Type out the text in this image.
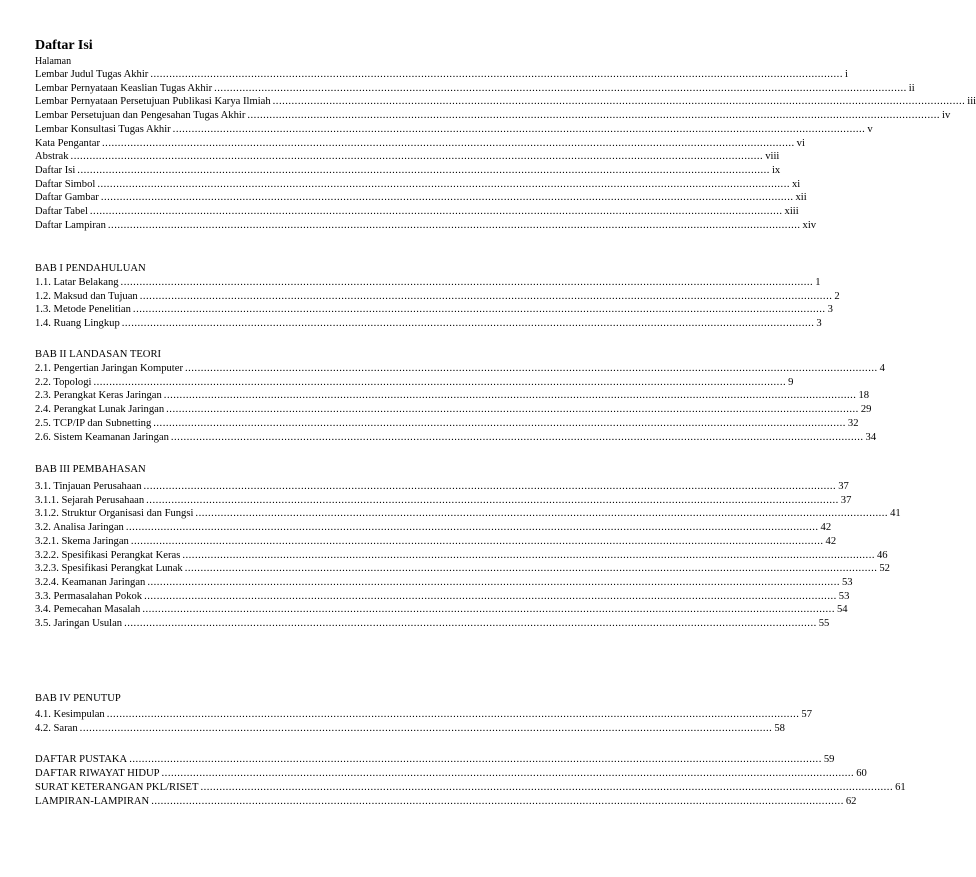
Daftar Isi
Halaman
Lembar Judul Tugas Akhir ............................................................................................................................................................................................................................ i
Lembar Pernyataan Keaslian Tugas Akhir ............................................................................................................................................................................................................................ ii
Lembar Pernyataan Persetujuan Publikasi Karya Ilmiah ............................................................................................................................................................................................................................ iii
Lembar Persetujuan dan Pengesahan Tugas Akhir ............................................................................................................................................................................................................................ iv
Lembar Konsultasi Tugas Akhir ............................................................................................................................................................................................................................ v
Kata Pengantar ............................................................................................................................................................................................................................ vi
Abstrak ............................................................................................................................................................................................................................ viii
Daftar Isi ............................................................................................................................................................................................................................ ix
Daftar Simbol ............................................................................................................................................................................................................................ xi
Daftar Gambar ............................................................................................................................................................................................................................ xii
Daftar Tabel ............................................................................................................................................................................................................................ xiii
Daftar Lampiran ............................................................................................................................................................................................................................ xiv
BAB I PENDAHULUAN
1.1. Latar Belakang ............................................................................................................................................................................................................................ 1
1.2. Maksud dan Tujuan ............................................................................................................................................................................................................................ 2
1.3. Metode Penelitian ............................................................................................................................................................................................................................ 3
1.4. Ruang Lingkup ............................................................................................................................................................................................................................ 3
BAB II LANDASAN TEORI
2.1. Pengertian Jaringan Komputer ............................................................................................................................................................................................................................ 4
2.2. Topologi ............................................................................................................................................................................................................................ 9
2.3. Perangkat Keras Jaringan ............................................................................................................................................................................................................................ 18
2.4. Perangkat Lunak Jaringan ............................................................................................................................................................................................................................ 29
2.5. TCP/IP dan Subnetting ............................................................................................................................................................................................................................ 32
2.6. Sistem Keamanan Jaringan ............................................................................................................................................................................................................................ 34
BAB III PEMBAHASAN
3.1. Tinjauan Perusahaan ............................................................................................................................................................................................................................ 37
3.1.1. Sejarah Perusahaan ............................................................................................................................................................................................................................ 37
3.1.2. Struktur Organisasi dan Fungsi ............................................................................................................................................................................................................................ 41
3.2. Analisa Jaringan ............................................................................................................................................................................................................................ 42
3.2.1. Skema Jaringan ............................................................................................................................................................................................................................ 42
3.2.2. Spesifikasi Perangkat Keras ............................................................................................................................................................................................................................ 46
3.2.3. Spesifikasi Perangkat Lunak ............................................................................................................................................................................................................................ 52
3.2.4. Keamanan Jaringan ............................................................................................................................................................................................................................ 53
3.3. Permasalahan Pokok ............................................................................................................................................................................................................................ 53
3.4. Pemecahan Masalah ............................................................................................................................................................................................................................ 54
3.5. Jaringan Usulan ............................................................................................................................................................................................................................ 55
BAB IV PENUTUP
4.1. Kesimpulan ............................................................................................................................................................................................................................ 57
4.2. Saran ............................................................................................................................................................................................................................ 58
DAFTAR PUSTAKA ............................................................................................................................................................................................................................ 59
DAFTAR RIWAYAT HIDUP ............................................................................................................................................................................................................................ 60
SURAT KETERANGAN PKL/RISET ............................................................................................................................................................................................................................ 61
LAMPIRAN-LAMPIRAN ............................................................................................................................................................................................................................ 62
